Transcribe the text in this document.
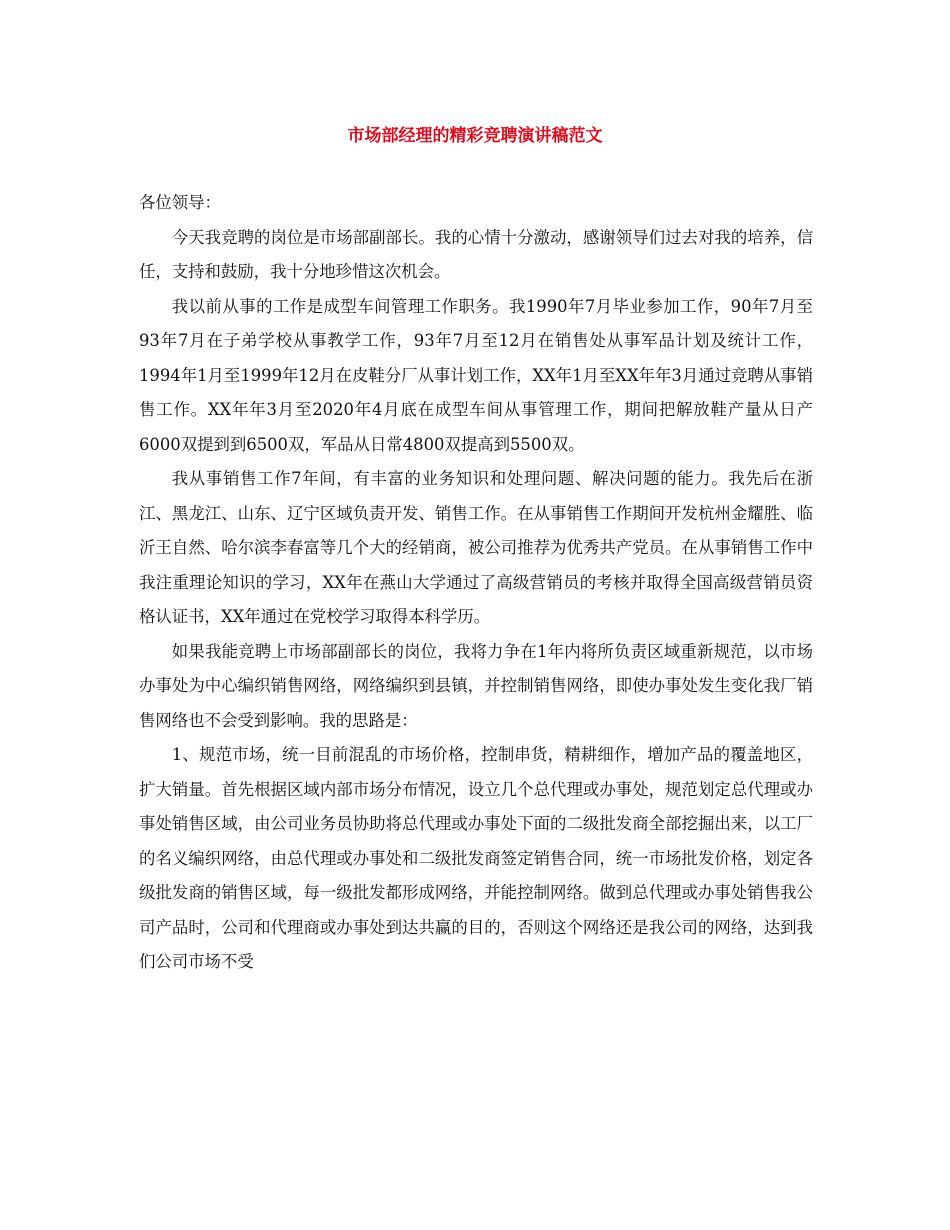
市场部经理的精彩竞聘演讲稿范文

各位领导：

今天我竞聘的岗位是市场部副部长。我的心情十分激动，感谢领导们过去对我的培养，信任，支持和鼓励，我十分地珍惜这次机会。

我以前从事的工作是成型车间管理工作职务。我1990年7月毕业参加工作，90年7月至93年7月在子弟学校从事教学工作，93年7月至12月在销售处从事军品计划及统计工作，1994年1月至1999年12月在皮鞋分厂从事计划工作，XX年1月至XX年年3月通过竞聘从事销售工作。XX年年3月至2020年4月底在成型车间从事管理工作，期间把解放鞋产量从日产6000双提到到6500双，军品从日常4800双提高到5500双。

我从事销售工作7年间，有丰富的业务知识和处理问题、解决问题的能力。我先后在浙江、黑龙江、山东、辽宁区域负责开发、销售工作。在从事销售工作期间开发杭州金耀胜、临沂王自然、哈尔滨李春富等几个大的经销商，被公司推荐为优秀共产党员。在从事销售工作中我注重理论知识的学习，XX年在燕山大学通过了高级营销员的考核并取得全国高级营销员资格认证书，XX年通过在党校学习取得本科学历。

如果我能竞聘上市场部副部长的岗位，我将力争在1年内将所负责区域重新规范，以市场办事处为中心编织销售网络，网络编织到县镇，并控制销售网络，即使办事处发生变化我厂销售网络也不会受到影响。我的思路是：

1、规范市场，统一目前混乱的市场价格，控制串货，精耕细作，增加产品的覆盖地区，扩大销量。首先根据区域内部市场分布情况，设立几个总代理或办事处，规范划定总代理或办事处销售区域，由公司业务员协助将总代理或办事处下面的二级批发商全部挖掘出来，以工厂的名义编织网络，由总代理或办事处和二级批发商签定销售合同，统一市场批发价格，划定各级批发商的销售区域，每一级批发都形成网络，并能控制网络。做到总代理或办事处销售我公司产品时，公司和代理商或办事处到达共赢的目的，否则这个网络还是我公司的网络，达到我们公司市场不受
